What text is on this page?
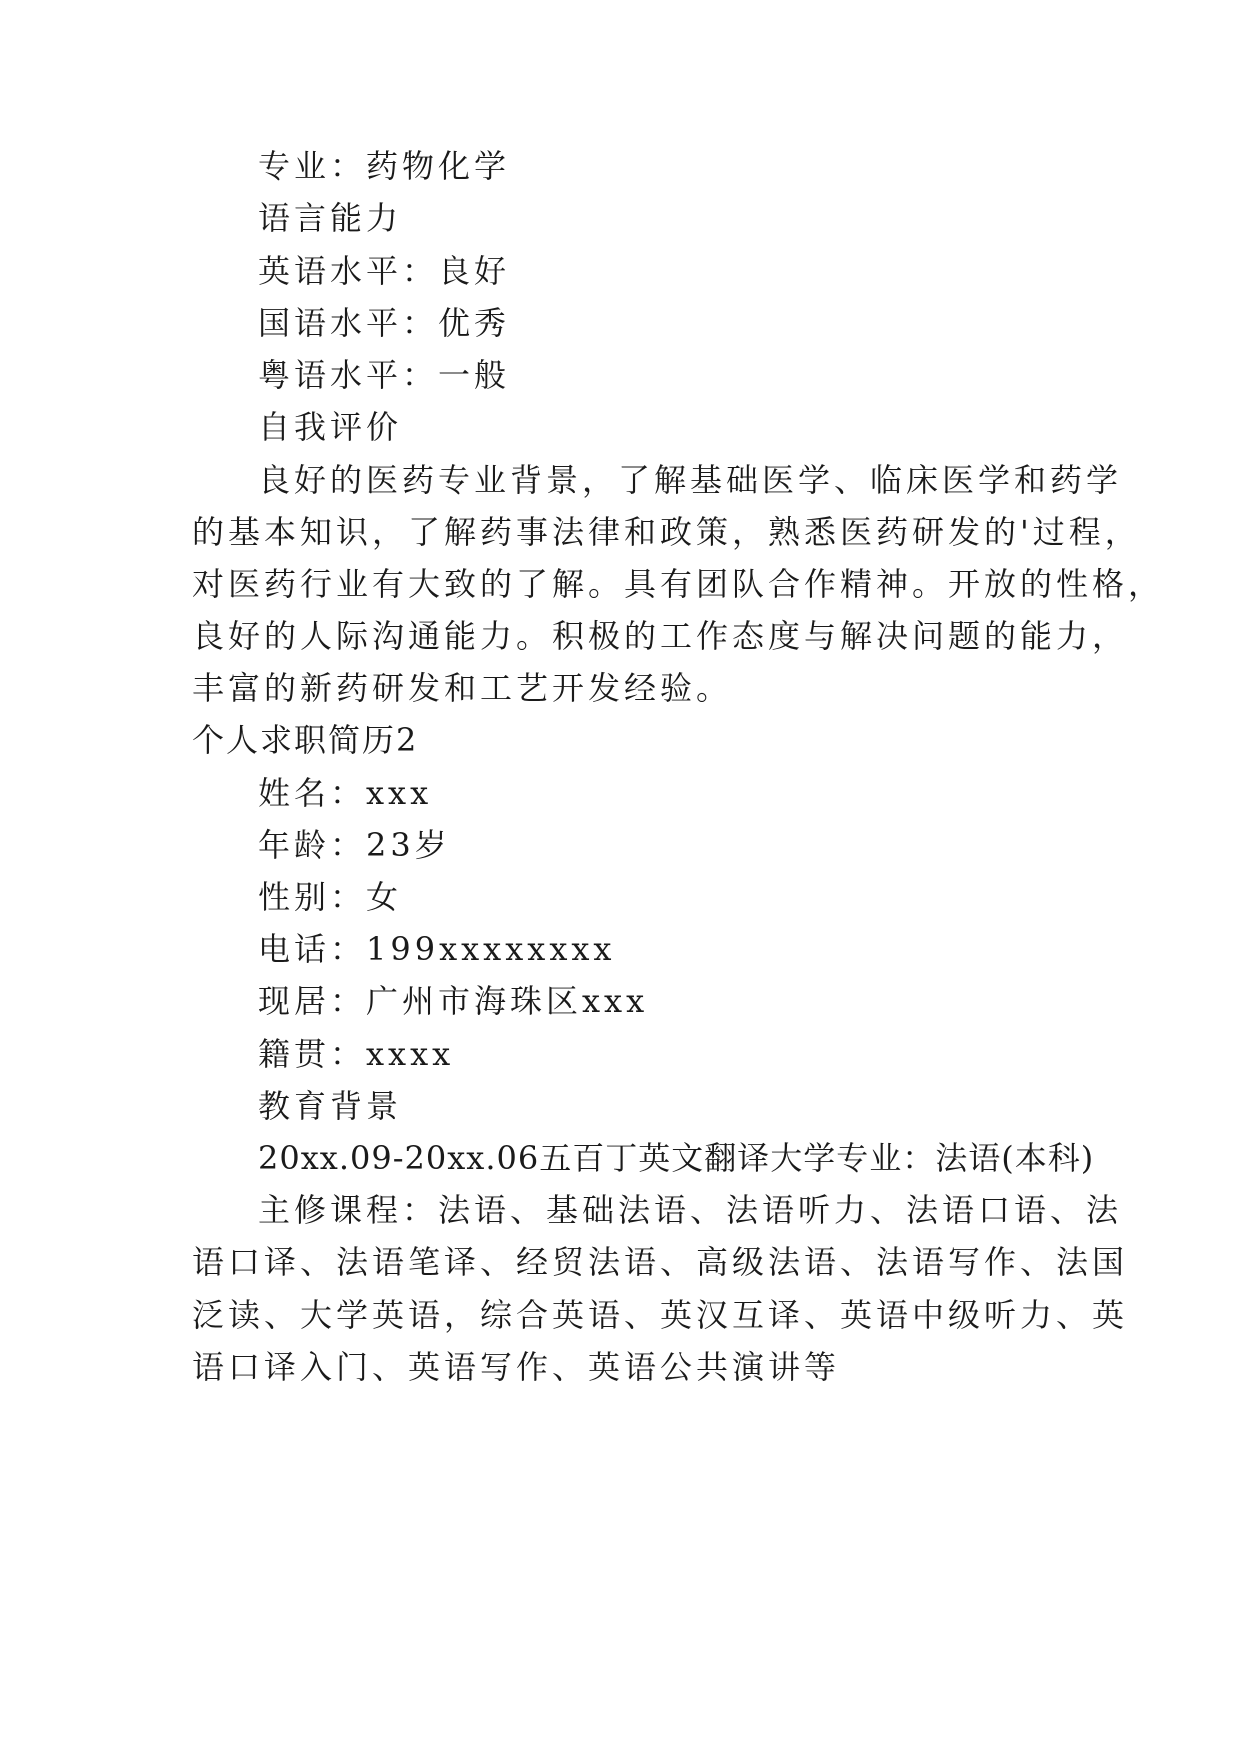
专业：药物化学
语言能力
英语水平：良好
国语水平：优秀
粤语水平：一般
自我评价
良好的医药专业背景，了解基础医学、临床医学和药学
的基本知识，了解药事法律和政策，熟悉医药研发的'过程，
对医药行业有大致的了解。具有团队合作精神。开放的性格，
良好的人际沟通能力。积极的工作态度与解决问题的能力，
丰富的新药研发和工艺开发经验。
个人求职简历2
姓名：xxx
年龄：23岁
性别：女
电话：199xxxxxxxx
现居：广州市海珠区xxx
籍贯：xxxx
教育背景
20xx.09-20xx.06五百丁英文翻译大学专业：法语(本科)
主修课程：法语、基础法语、法语听力、法语口语、法
语口译、法语笔译、经贸法语、高级法语、法语写作、法国
泛读、大学英语，综合英语、英汉互译、英语中级听力、英
语口译入门、英语写作、英语公共演讲等
